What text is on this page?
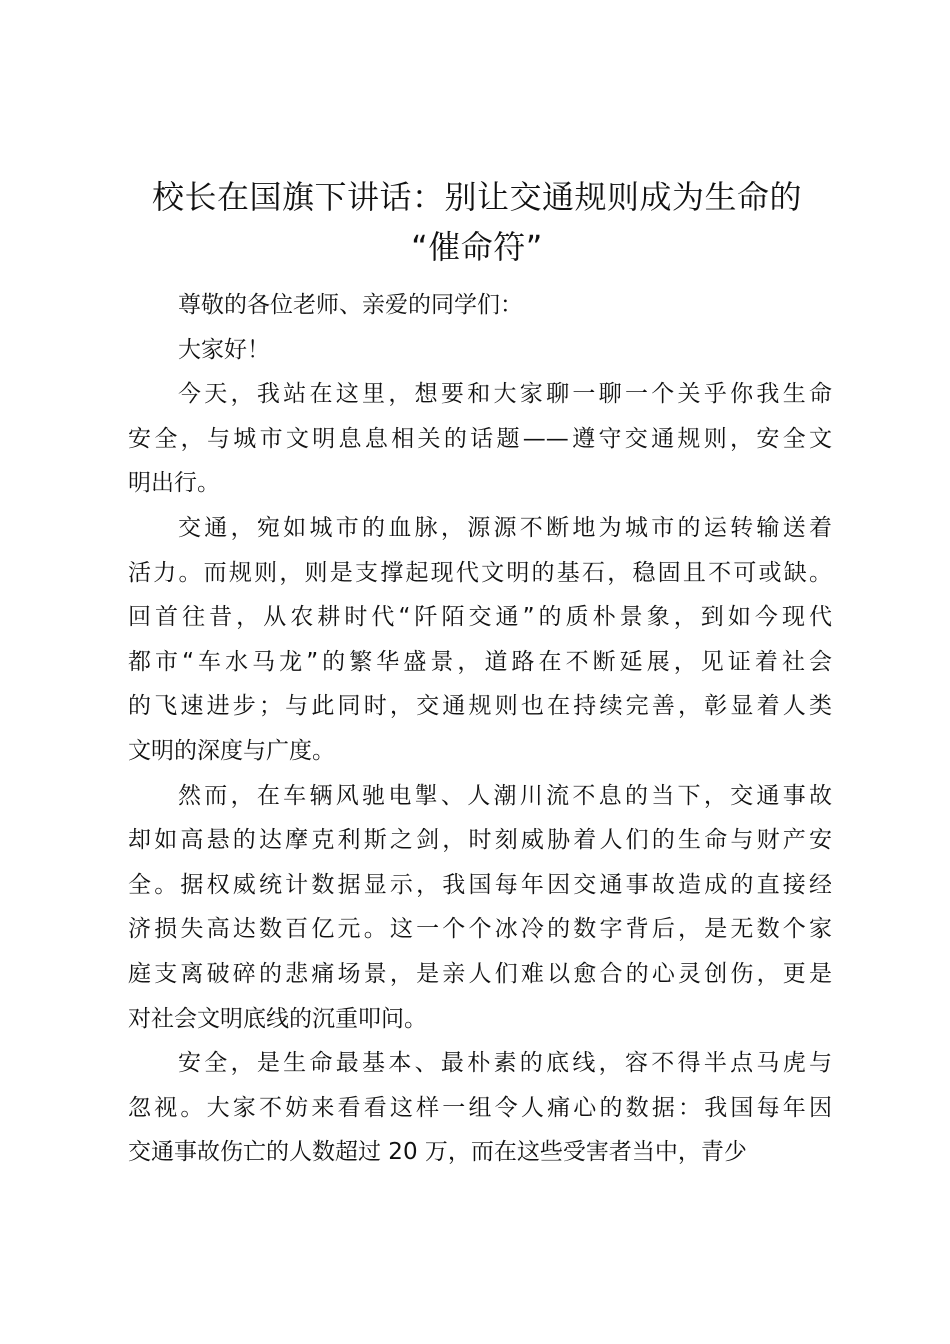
校长在国旗下讲话：别让交通规则成为生命的
“催命符”
尊敬的各位老师、亲爱的同学们：
大家好！
今天，我站在这里，想要和大家聊一聊一个关乎你我生命
安全，与城市文明息息相关的话题——遵守交通规则，安全文
明出行。
交通，宛如城市的血脉，源源不断地为城市的运转输送着
活力。而规则，则是支撑起现代文明的基石，稳固且不可或缺。
回首往昔，从农耕时代“阡陌交通”的质朴景象，到如今现代
都市“车水马龙”的繁华盛景，道路在不断延展，见证着社会
的飞速进步；与此同时，交通规则也在持续完善，彰显着人类
文明的深度与广度。
然而，在车辆风驰电掣、人潮川流不息的当下，交通事故
却如高悬的达摩克利斯之剑，时刻威胁着人们的生命与财产安
全。据权威统计数据显示，我国每年因交通事故造成的直接经
济损失高达数百亿元。这一个个冰冷的数字背后，是无数个家
庭支离破碎的悲痛场景，是亲人们难以愈合的心灵创伤，更是
对社会文明底线的沉重叩问。
安全，是生命最基本、最朴素的底线，容不得半点马虎与
忽视。大家不妨来看看这样一组令人痛心的数据：我国每年因
交通事故伤亡的人数超过 20 万，而在这些受害者当中，青少
